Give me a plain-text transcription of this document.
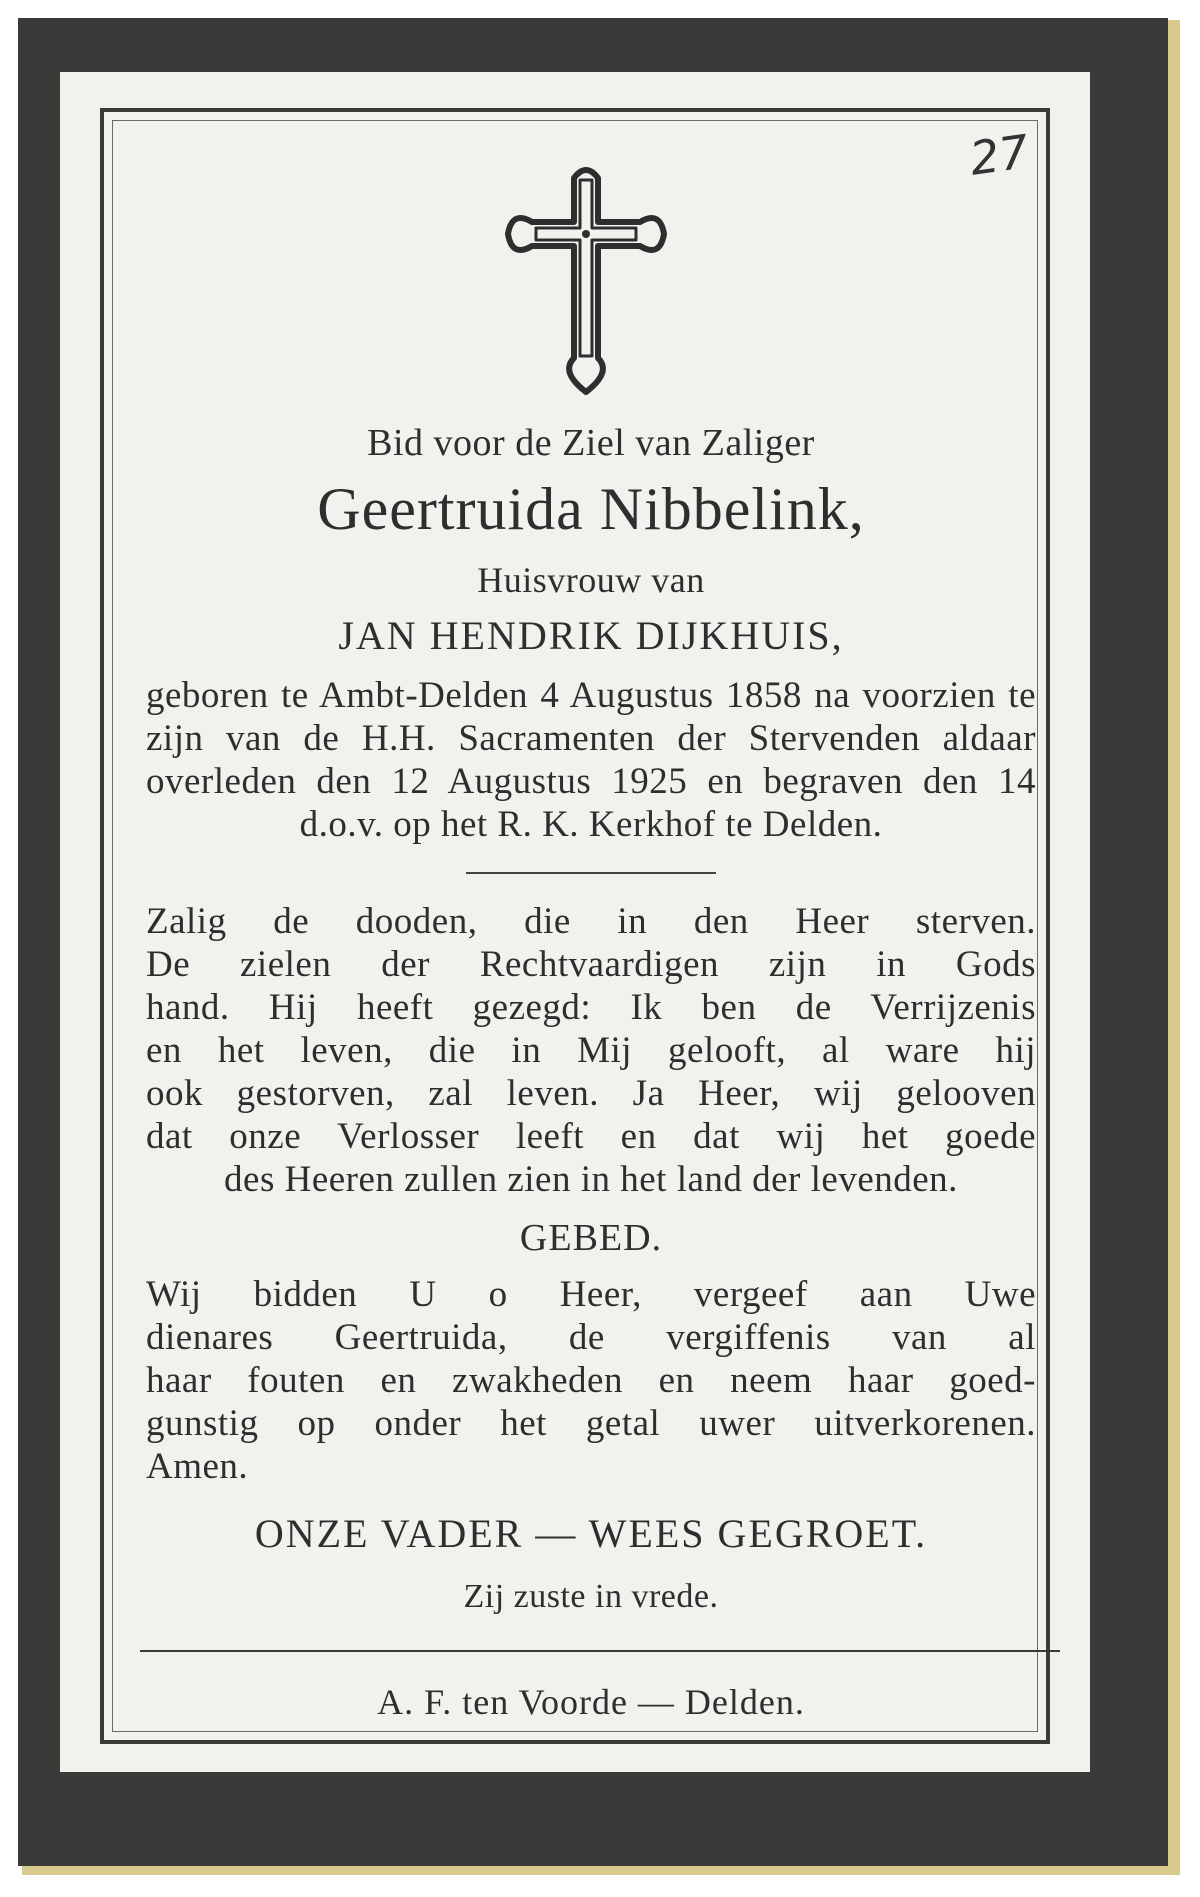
27

Bid voor de Ziel van Zaliger

Geertruida Nibbelink,

Huisvrouw van

JAN HENDRIK DIJKHUIS,

geboren te Ambt-Delden 4 Augustus 1858 na voorzien te zijn van de H.H. Sacramenten der Stervenden aldaar overleden den 12 Augustus 1925 en begraven den 14 d.o.v. op het R. K. Kerkhof te Delden.

Zalig de dooden, die in den Heer sterven.

De zielen der Rechtvaardigen zijn in Gods

hand. Hij heeft gezegd: Ik ben de Verrijzenis

en het leven, die in Mij gelooft, al ware hij

ook gestorven, zal leven. Ja Heer, wij gelooven

dat onze Verlosser leeft en dat wij het goede

des Heeren zullen zien in het land der levenden.

GEBED.

Wij bidden U o Heer, vergeef aan Uwe

dienares Geertruida, de vergiffenis van al

haar fouten en zwakheden en neem haar goed-

gunstig op onder het getal uwer uitverkorenen.

Amen.

ONZE VADER — WEES GEGROET.

Zij zuste in vrede.

A. F. ten Voorde — Delden.
